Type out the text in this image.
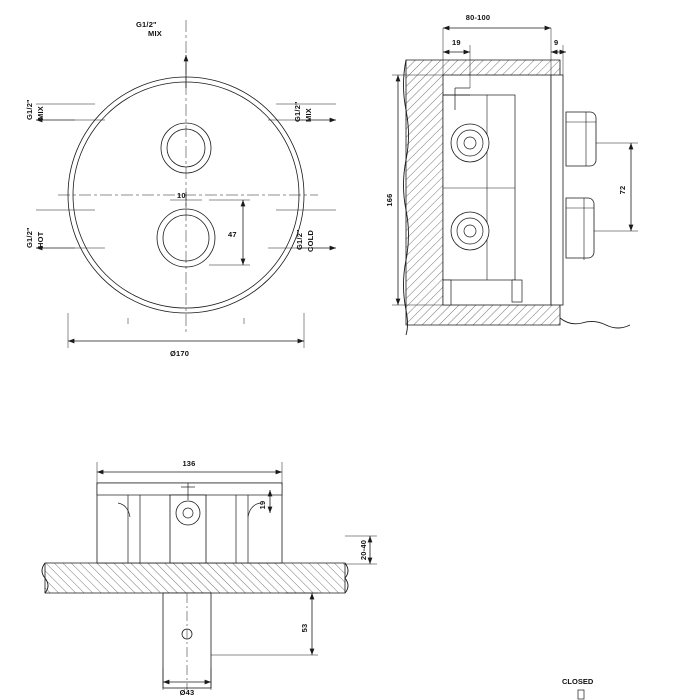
G1/2"
MIX
G1/2" MIX	G1/2" MIX
G1/2" HOT	G1/2" COLD
10
47
Ø170
80-100
19	9
166
72
136
19
20-40
53
Ø43
CLOSED
